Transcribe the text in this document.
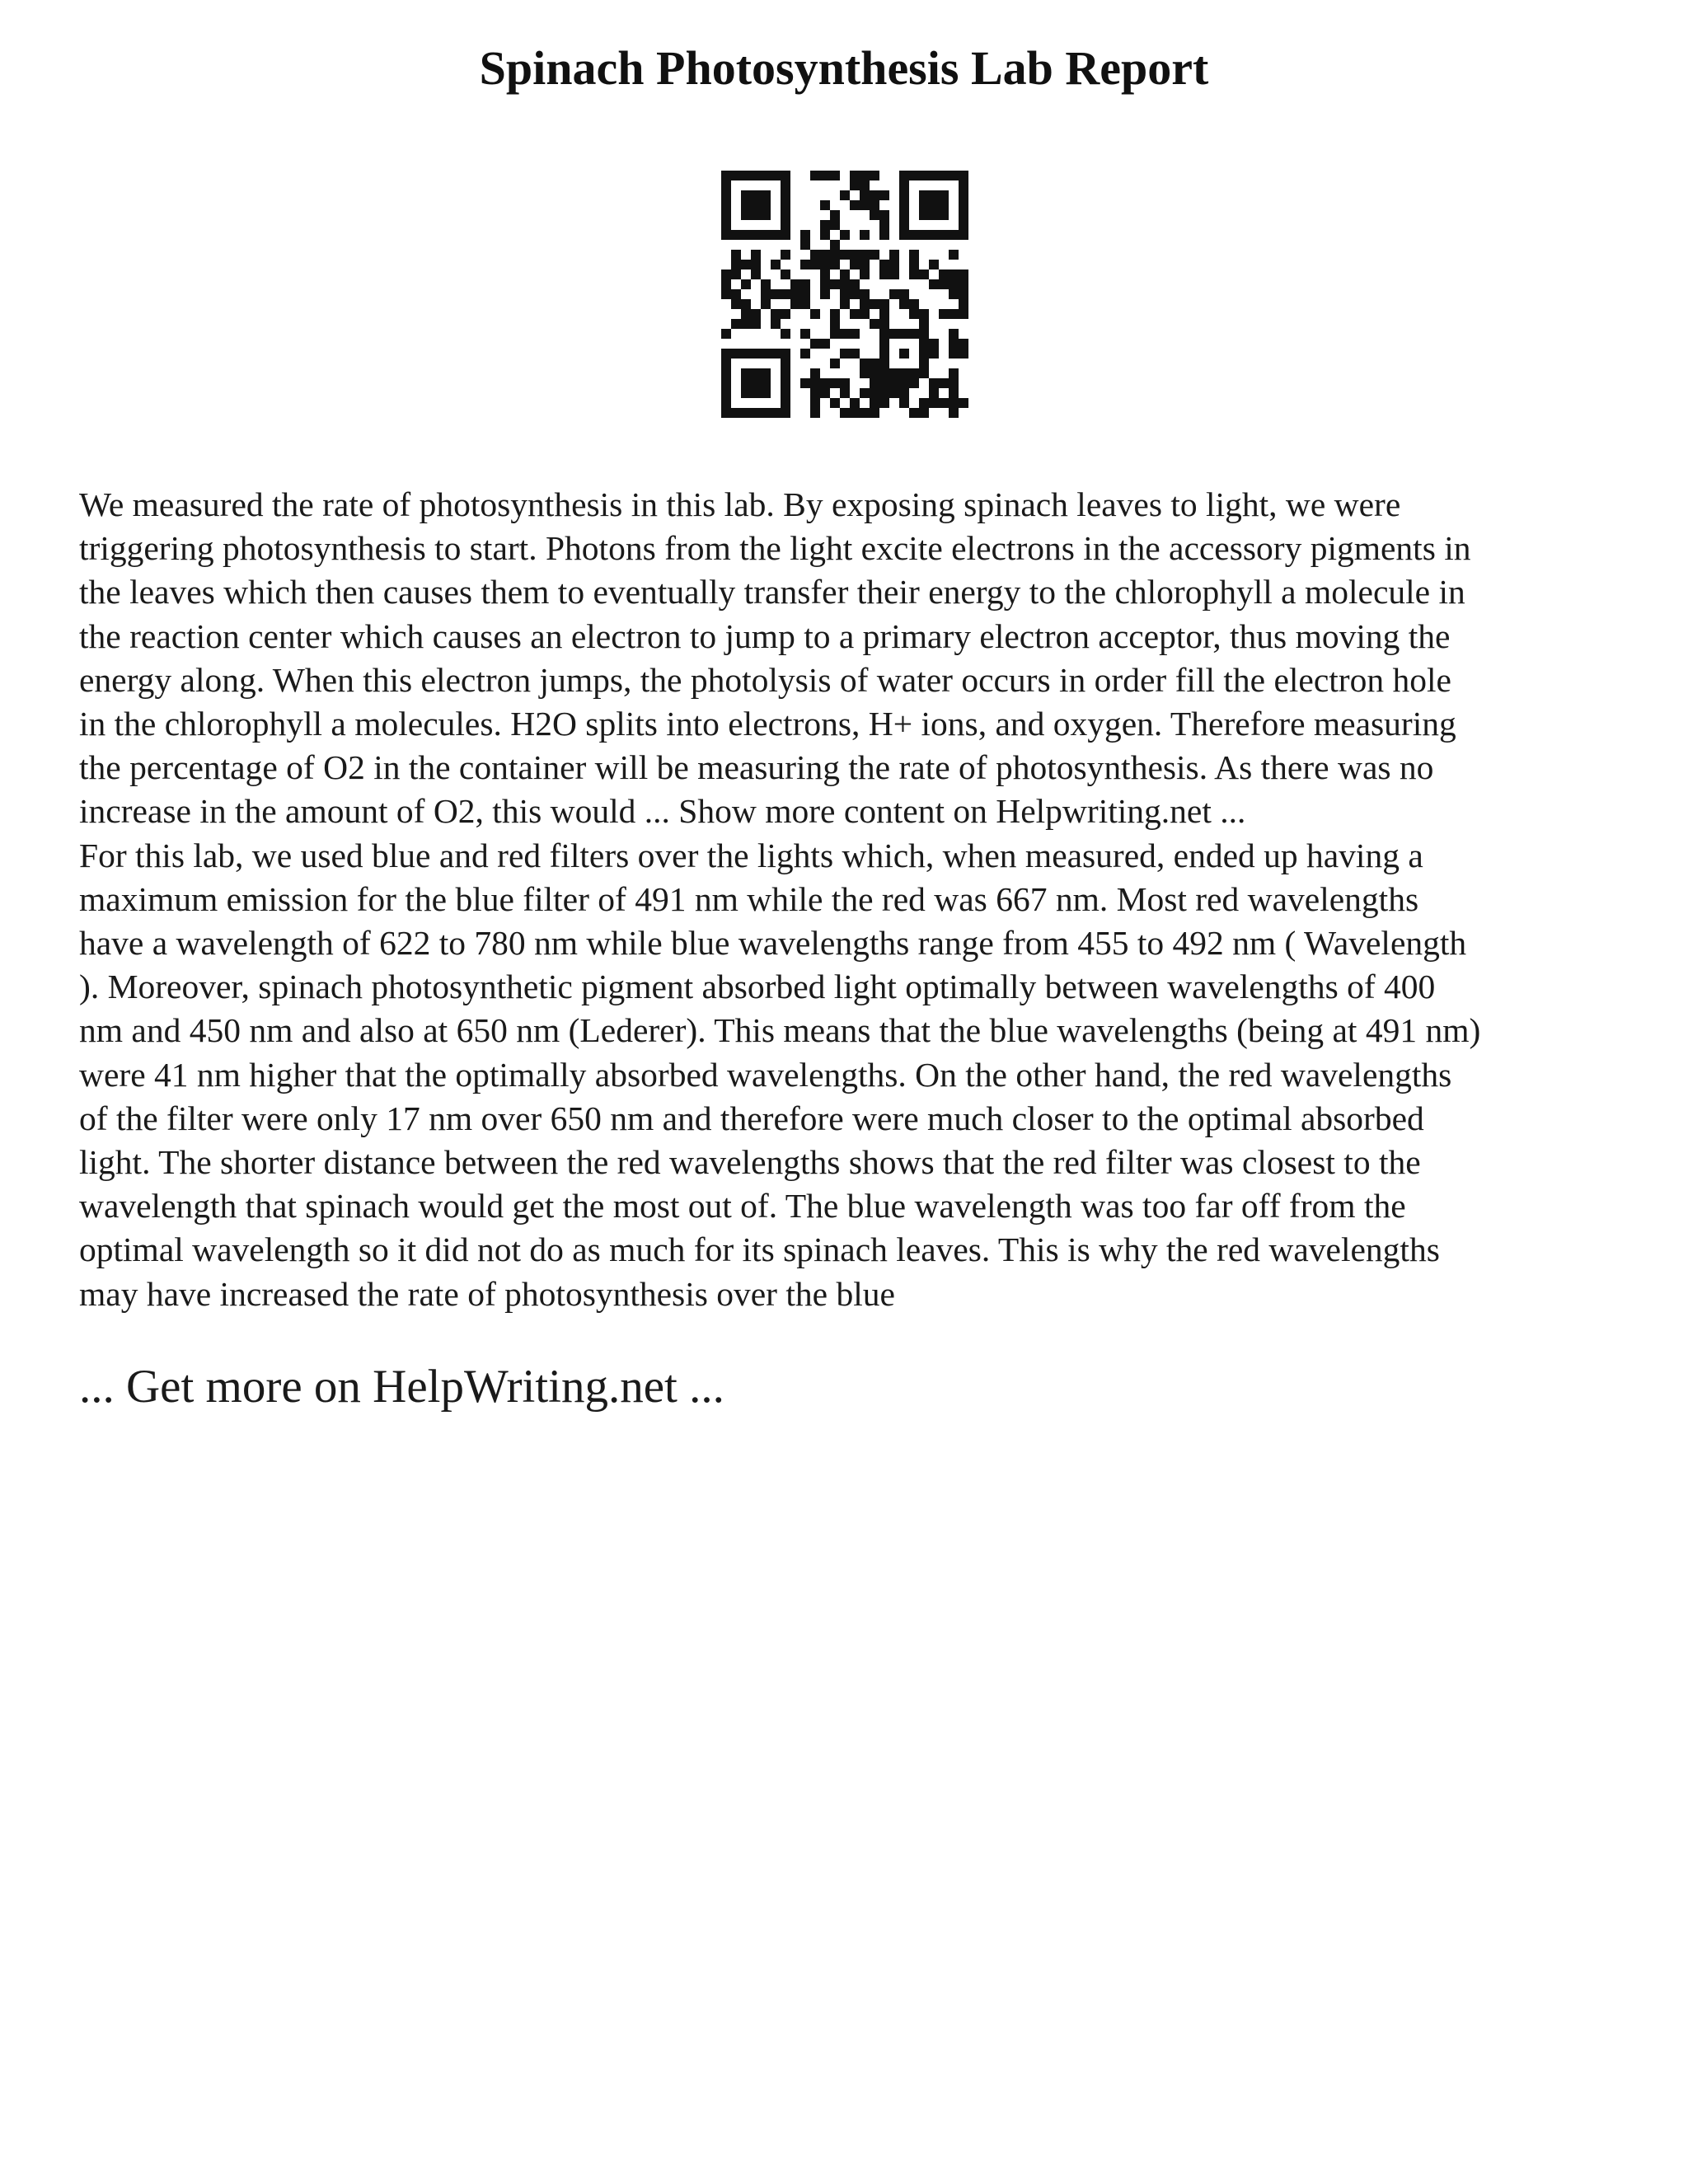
Spinach Photosynthesis Lab Report

We measured the rate of photosynthesis in this lab. By exposing spinach leaves to light, we were
triggering photosynthesis to start. Photons from the light excite electrons in the accessory pigments in
the leaves which then causes them to eventually transfer their energy to the chlorophyll a molecule in
the reaction center which causes an electron to jump to a primary electron acceptor, thus moving the
energy along. When this electron jumps, the photolysis of water occurs in order fill the electron hole
in the chlorophyll a molecules. H2O splits into electrons, H+ ions, and oxygen. Therefore measuring
the percentage of O2 in the container will be measuring the rate of photosynthesis. As there was no
increase in the amount of O2, this would ... Show more content on Helpwriting.net ...

For this lab, we used blue and red filters over the lights which, when measured, ended up having a
maximum emission for the blue filter of 491 nm while the red was 667 nm. Most red wavelengths
have a wavelength of 622 to 780 nm while blue wavelengths range from 455 to 492 nm ( Wavelength
). Moreover, spinach photosynthetic pigment absorbed light optimally between wavelengths of 400
nm and 450 nm and also at 650 nm (Lederer). This means that the blue wavelengths (being at 491 nm)
were 41 nm higher that the optimally absorbed wavelengths. On the other hand, the red wavelengths
of the filter were only 17 nm over 650 nm and therefore were much closer to the optimal absorbed
light. The shorter distance between the red wavelengths shows that the red filter was closest to the
wavelength that spinach would get the most out of. The blue wavelength was too far off from the
optimal wavelength so it did not do as much for its spinach leaves. This is why the red wavelengths
may have increased the rate of photosynthesis over the blue

... Get more on HelpWriting.net ...
